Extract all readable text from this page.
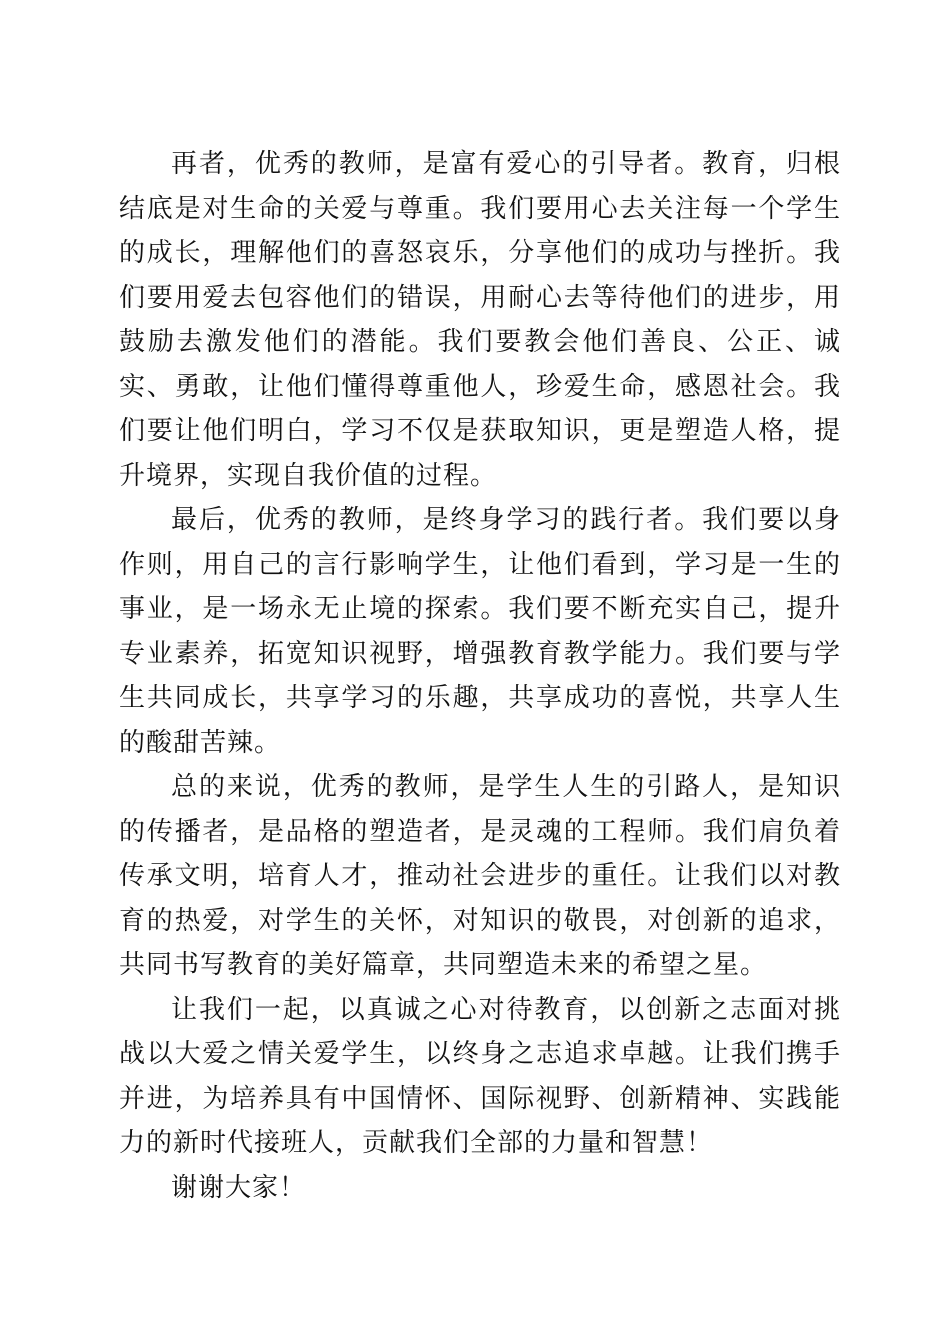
再者，优秀的教师，是富有爱心的引导者。教育，归根结底是对生命的关爱与尊重。我们要用心去关注每一个学生的成长，理解他们的喜怒哀乐，分享他们的成功与挫折。我们要用爱去包容他们的错误，用耐心去等待他们的进步，用鼓励去激发他们的潜能。我们要教会他们善良、公正、诚实、勇敢，让他们懂得尊重他人，珍爱生命，感恩社会。我们要让他们明白，学习不仅是获取知识，更是塑造人格，提升境界，实现自我价值的过程。

最后，优秀的教师，是终身学习的践行者。我们要以身作则，用自己的言行影响学生，让他们看到，学习是一生的事业，是一场永无止境的探索。我们要不断充实自己，提升专业素养，拓宽知识视野，增强教育教学能力。我们要与学生共同成长，共享学习的乐趣，共享成功的喜悦，共享人生的酸甜苦辣。

总的来说，优秀的教师，是学生人生的引路人，是知识的传播者，是品格的塑造者，是灵魂的工程师。我们肩负着传承文明，培育人才，推动社会进步的重任。让我们以对教育的热爱，对学生的关怀，对知识的敬畏，对创新的追求，共同书写教育的美好篇章，共同塑造未来的希望之星。

让我们一起，以真诚之心对待教育，以创新之志面对挑战以大爱之情关爱学生，以终身之志追求卓越。让我们携手并进，为培养具有中国情怀、国际视野、创新精神、实践能力的新时代接班人，贡献我们全部的力量和智慧！

谢谢大家！
